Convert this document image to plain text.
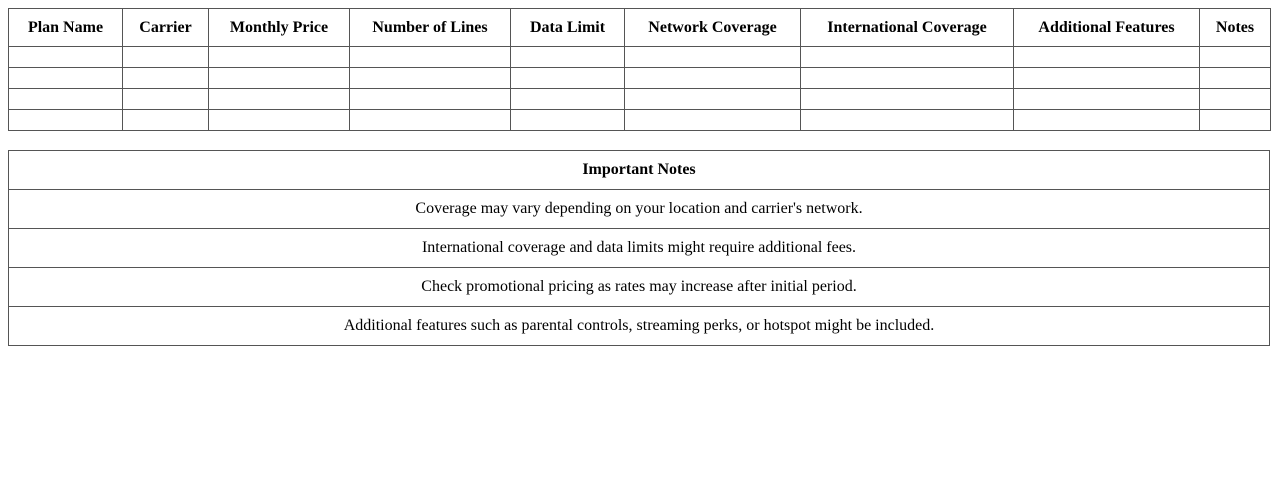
Plan Name	Carrier	Monthly Price	Number of Lines	Data Limit	Network Coverage	International Coverage	Additional Features	Notes

Important Notes
Coverage may vary depending on your location and carrier's network.
International coverage and data limits might require additional fees.
Check promotional pricing as rates may increase after initial period.
Additional features such as parental controls, streaming perks, or hotspot might be included.
